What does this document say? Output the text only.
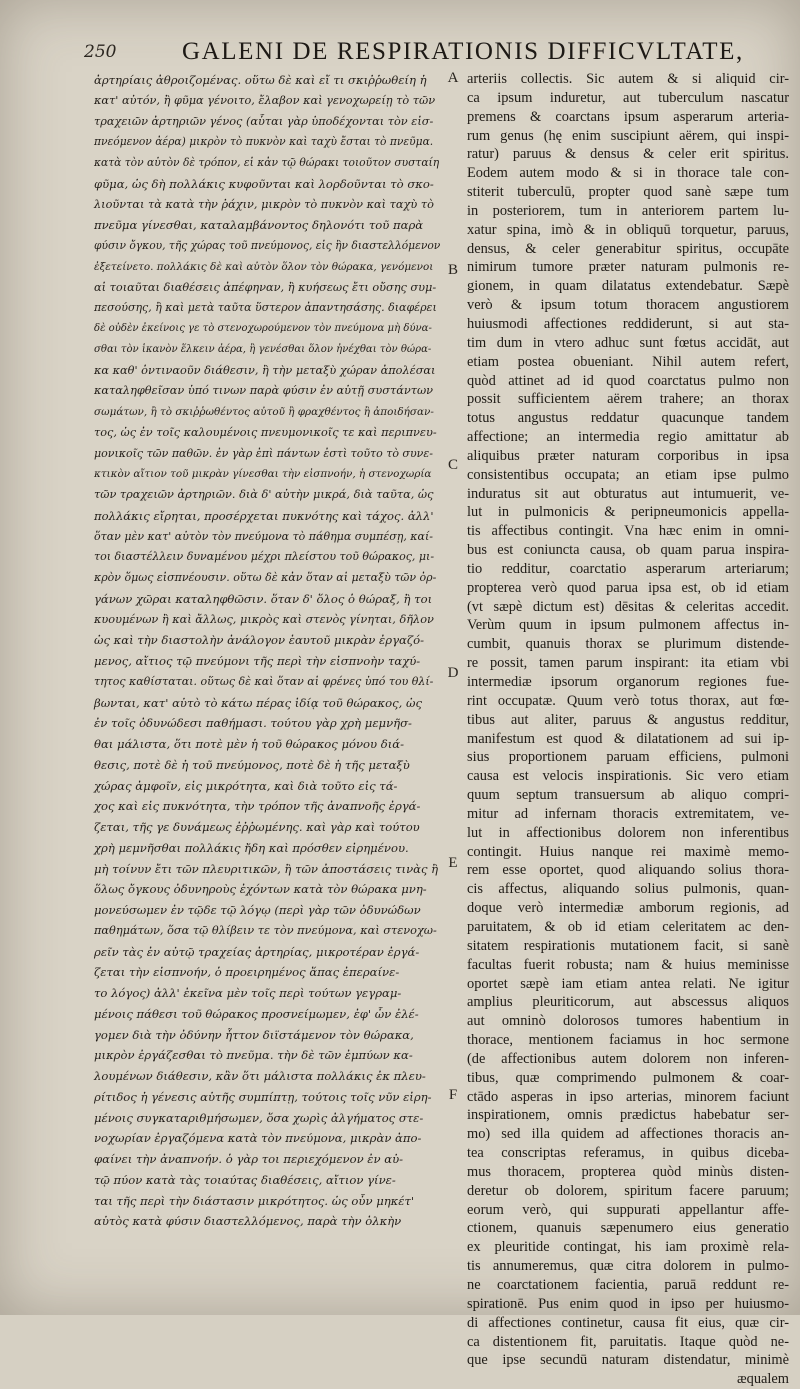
250	GALENI DE RESPIRATIONIS DIFFICVLTATE,
ἀρτηρίαις ἀθροιζομένας. οὕτω δὲ καὶ εἴ τι σκιῤῥωθείη ἡ
κατ' αὐτόν, ἢ φῦμα γένοιτο, ἔλαβον καὶ γενοχωρείῃ τὸ τῶν
τραχειῶν ἀρτηριῶν γένος (αὗται γὰρ ὑποδέχονται τὸν εἰσ-
πνεόμενον ἀέρα) μικρὸν τὸ πυκνὸν καὶ ταχὺ ἔσται τὸ πνεῦμα.
κατὰ τὸν αὐτὸν δὲ τρόπον, εἰ κἀν τῷ θώρακι τοιοῦτον συσταίη
φῦμα, ὡς δὴ πολλάκις κυφοῦνται καὶ λορδοῦνται τὸ σκο-
λιοῦνται τὰ κατὰ τὴν ῥάχιν, μικρὸν τὸ πυκνὸν καὶ ταχὺ τὸ
πνεῦμα γίνεσθαι, καταλαμβάνοντος δηλονότι τοῦ παρὰ
φύσιν ὄγκου, τῆς χώρας τοῦ πνεύμονος, εἰς ἣν διαστελλόμενον
ἐξετείνετο. πολλάκις δὲ καὶ αὐτὸν ὅλον τὸν θώρακα, γενόμενοι
αἱ τοιαῦται διαθέσεις ἀπέφηναν, ἢ κυήσεως ἔτι οὔσης συμ-
πεσούσης, ἢ καὶ μετὰ ταῦτα ὕστερον ἀπαντησάσης. διαφέρει
δὲ οὐδὲν ἐκείνοις γε τὸ στενοχωρούμενον τὸν πνεύμονα μὴ δύνα-
σθαι τὸν ἱκανὸν ἕλκειν ἀέρα, ἢ γενέσθαι ὅλον ἠνέχθαι τὸν θώρα-
κα καθ' ὁντιναοῦν διάθεσιν, ἢ τὴν μεταξὺ χώραν ἀπολέσαι
καταληφθεῖσαν ὑπό τινων παρὰ φύσιν ἐν αὐτῇ συστάντων
σωμάτων, ἢ τὸ σκιῤῥωθέντος αὐτοῦ ἢ φραχθέντος ἢ ἀποιδήσαν-
τος, ὡς ἐν τοῖς καλουμένοις πνευμονικοῖς τε καὶ περιπνευ-
μονικοῖς τῶν παθῶν. ἐν γὰρ ἐπὶ πάντων ἐστὶ τοῦτο τὸ συνε-
κτικὸν αἴτιον τοῦ μικρὰν γίνεσθαι τὴν εἰσπνοήν, ἡ στενοχωρία
τῶν τραχειῶν ἀρτηριῶν. διὰ δ' αὐτὴν μικρά, διὰ ταῦτα, ὡς
πολλάκις εἴρηται, προσέρχεται πυκνότης καὶ τάχος. ἀλλ'
ὅταν μὲν κατ' αὐτὸν τὸν πνεύμονα τὸ πάθημα συμπέσῃ, καί-
τοι διαστέλλειν δυναμένου μέχρι πλείστου τοῦ θώρακος, μι-
κρὸν ὅμως εἰσπνέουσιν. οὕτω δὲ κἀν ὅταν αἱ μεταξὺ τῶν ὀρ-
γάνων χῶραι καταληφθῶσιν. ὅταν δ' ὅλος ὁ θώραξ, ἢ τοι
κυουμένων ἢ καὶ ἄλλως, μικρὸς καὶ στενὸς γίνηται, δῆλον
ὡς καὶ τὴν διαστολὴν ἀνάλογον ἑαυτοῦ μικρὰν ἐργαζό-
μενος, αἴτιος τῷ πνεύμονι τῆς περὶ τὴν εἰσπνοὴν ταχύ-
τητος καθίσταται. οὕτως δὲ καὶ ὅταν αἱ φρένες ὑπό του θλί-
βωνται, κατ' αὐτὸ τὸ κάτω πέρας ἰδίᾳ τοῦ θώρακος, ὡς
ἐν τοῖς ὀδυνώδεσι παθήμασι. τούτου γὰρ χρὴ μεμνῆσ-
θαι μάλιστα, ὅτι ποτὲ μὲν ἡ τοῦ θώρακος μόνου διά-
θεσις, ποτὲ δὲ ἡ τοῦ πνεύμονος, ποτὲ δὲ ἡ τῆς μεταξὺ
χώρας ἀμφοῖν, εἰς μικρότητα, καὶ διὰ τοῦτο εἰς τά-
χος καὶ εἰς πυκνότητα, τὴν τρόπον τῆς ἀναπνοῆς ἐργά-
ζεται, τῆς γε δυνάμεως ἐῤῥωμένης. καὶ γὰρ καὶ τούτου
χρὴ μεμνῆσθαι πολλάκις ἤδη καὶ πρόσθεν εἰρημένου.
μὴ τοίνυν ἔτι τῶν πλευριτικῶν, ἢ τῶν ἀποστάσεις τινὰς ἢ
ὅλως ὄγκους ὀδυνηροὺς ἐχόντων κατὰ τὸν θώρακα μνη-
μονεύσωμεν ἐν τῷδε τῷ λόγῳ (περὶ γὰρ τῶν ὀδυνώδων
παθημάτων, ὅσα τῷ θλίβειν τε τὸν πνεύμονα, καὶ στενοχω-
ρεῖν τὰς ἐν αὐτῷ τραχείας ἀρτηρίας, μικροτέραν ἐργά-
ζεται τὴν εἰσπνοήν, ὁ προειρημένος ἅπας ἐπεραίνε-
το λόγος) ἀλλ' ἐκεῖνα μὲν τοῖς περὶ τούτων γεγραμ-
μένοις πάθεσι τοῦ θώρακος προσνείμωμεν, ἐφ' ὧν ἐλέ-
γομεν διὰ τὴν ὀδύνην ἧττον διϊστάμενον τὸν θώρακα,
μικρὸν ἐργάζεσθαι τὸ πνεῦμα. τὴν δὲ τῶν ἐμπύων κα-
λουμένων διάθεσιν, κἂν ὅτι μάλιστα πολλάκις ἐκ πλευ-
ρίτιδος ἡ γένεσις αὐτῆς συμπίπτῃ, τούτοις τοῖς νῦν εἰρη-
μένοις συγκαταριθμήσωμεν, ὅσα χωρὶς ἀλγήματος στε-
νοχωρίαν ἐργαζόμενα κατὰ τὸν πνεύμονα, μικρὰν ἀπο-
φαίνει τὴν ἀναπνοήν. ὁ γὰρ τοι περιεχόμενον ἐν αὐ-
τῷ πύον κατὰ τὰς τοιαύτας διαθέσεις, αἴτιον γίνε-
ται τῆς περὶ τὴν διάστασιν μικρότητος. ὡς οὖν μηκέτ'
αὐτὸς κατὰ φύσιν διαστελλόμενος, παρὰ τὴν ὁλκὴν
A
B
C
D
E
F
arteriis collectis. Sic autem & si aliquid cir-
ca ipsum induretur, aut tuberculum nascatur
premens & coarctans ipsum asperarum arteria-
rum genus (hę enim suscipiunt aërem, qui inspi-
ratur) paruus & densus & celer erit spiritus.
Eodem autem modo & si in thorace tale con-
stiterit tuberculū, propter quod sanè sæpe tum
in posteriorem, tum in anteriorem partem lu-
xatur spina, imò & in obliquū torquetur, paruus,
densus, & celer generabitur spiritus, occupāte
nimirum tumore præter naturam pulmonis re-
gionem, in quam dilatatus extendebatur. Sæpè
verò & ipsum totum thoracem angustiorem
huiusmodi affectiones reddiderunt, si aut sta-
tim dum in vtero adhuc sunt fœtus accidāt, aut
etiam postea obueniant. Nihil autem refert,
quòd attinet ad id quod coarctatus pulmo non
possit sufficientem aërem trahere; an thorax
totus angustus reddatur quacunque tandem
affectione; an intermedia regio amittatur ab
aliquibus præter naturam corporibus in ipsa
consistentibus occupata; an etiam ipse pulmo
induratus sit aut obturatus aut intumuerit, ve-
lut in pulmonicis & peripneumonicis appella-
tis affectibus contingit. Vna hæc enim in omni-
bus est coniuncta causa, ob quam parua inspira-
tio redditur, coarctatio asperarum arteriarum;
propterea verò quod parua ipsa est, ob id etiam
(vt sæpè dictum est) dēsitas & celeritas accedit.
Verùm quum in ipsum pulmonem affectus in-
cumbit, quanuis thorax se plurimum distende-
re possit, tamen parum inspirant: ita etiam vbi
intermediæ ipsorum organorum regiones fue-
rint occupatæ. Quum verò totus thorax, aut fœ-
tibus aut aliter, paruus & angustus redditur,
manifestum est quod & dilatationem ad sui ip-
sius proportionem paruam efficiens, pulmoni
causa est velocis inspirationis. Sic vero etiam
quum septum transuersum ab aliquo compri-
mitur ad infernam thoracis extremitatem, ve-
lut in affectionibus dolorem non inferentibus
contingit. Huius nanque rei maximè memo-
rem esse oportet, quod aliquando solius thora-
cis affectus, aliquando solius pulmonis, quan-
doque verò intermediæ amborum regionis, ad
paruitatem, & ob id etiam celeritatem ac den-
sitatem respirationis mutationem facit, si sanè
facultas fuerit robusta; nam & huius meminisse
oportet sæpè iam etiam antea relati. Ne igitur
amplius pleuriticorum, aut abscessus aliquos
aut omninò dolorosos tumores habentium in
thorace, mentionem faciamus in hoc sermone
(de affectionibus autem dolorem non inferen-
tibus, quæ comprimendo pulmonem & coar-
ctādo asperas in ipso arterias, minorem faciunt
inspirationem, omnis prædictus habebatur ser-
mo) sed illa quidem ad affectiones thoracis an-
tea conscriptas referamus, in quibus diceba-
mus thoracem, propterea quòd minùs disten-
deretur ob dolorem, spiritum facere paruum;
eorum verò, qui suppurati appellantur affe-
ctionem, quanuis sæpenumero eius generatio
ex pleuritide contingat, his iam proximè rela-
tis annumeremus, quæ citra dolorem in pulmo-
ne coarctationem facientia, paruā reddunt re-
spirationē. Pus enim quod in ipso per huiusmo-
di affectiones continetur, causa fit eius, quæ cir-
ca distentionem fit, paruitatis. Itaque quòd ne-
que ipse secundū naturam distendatur, minimè
æqualem
